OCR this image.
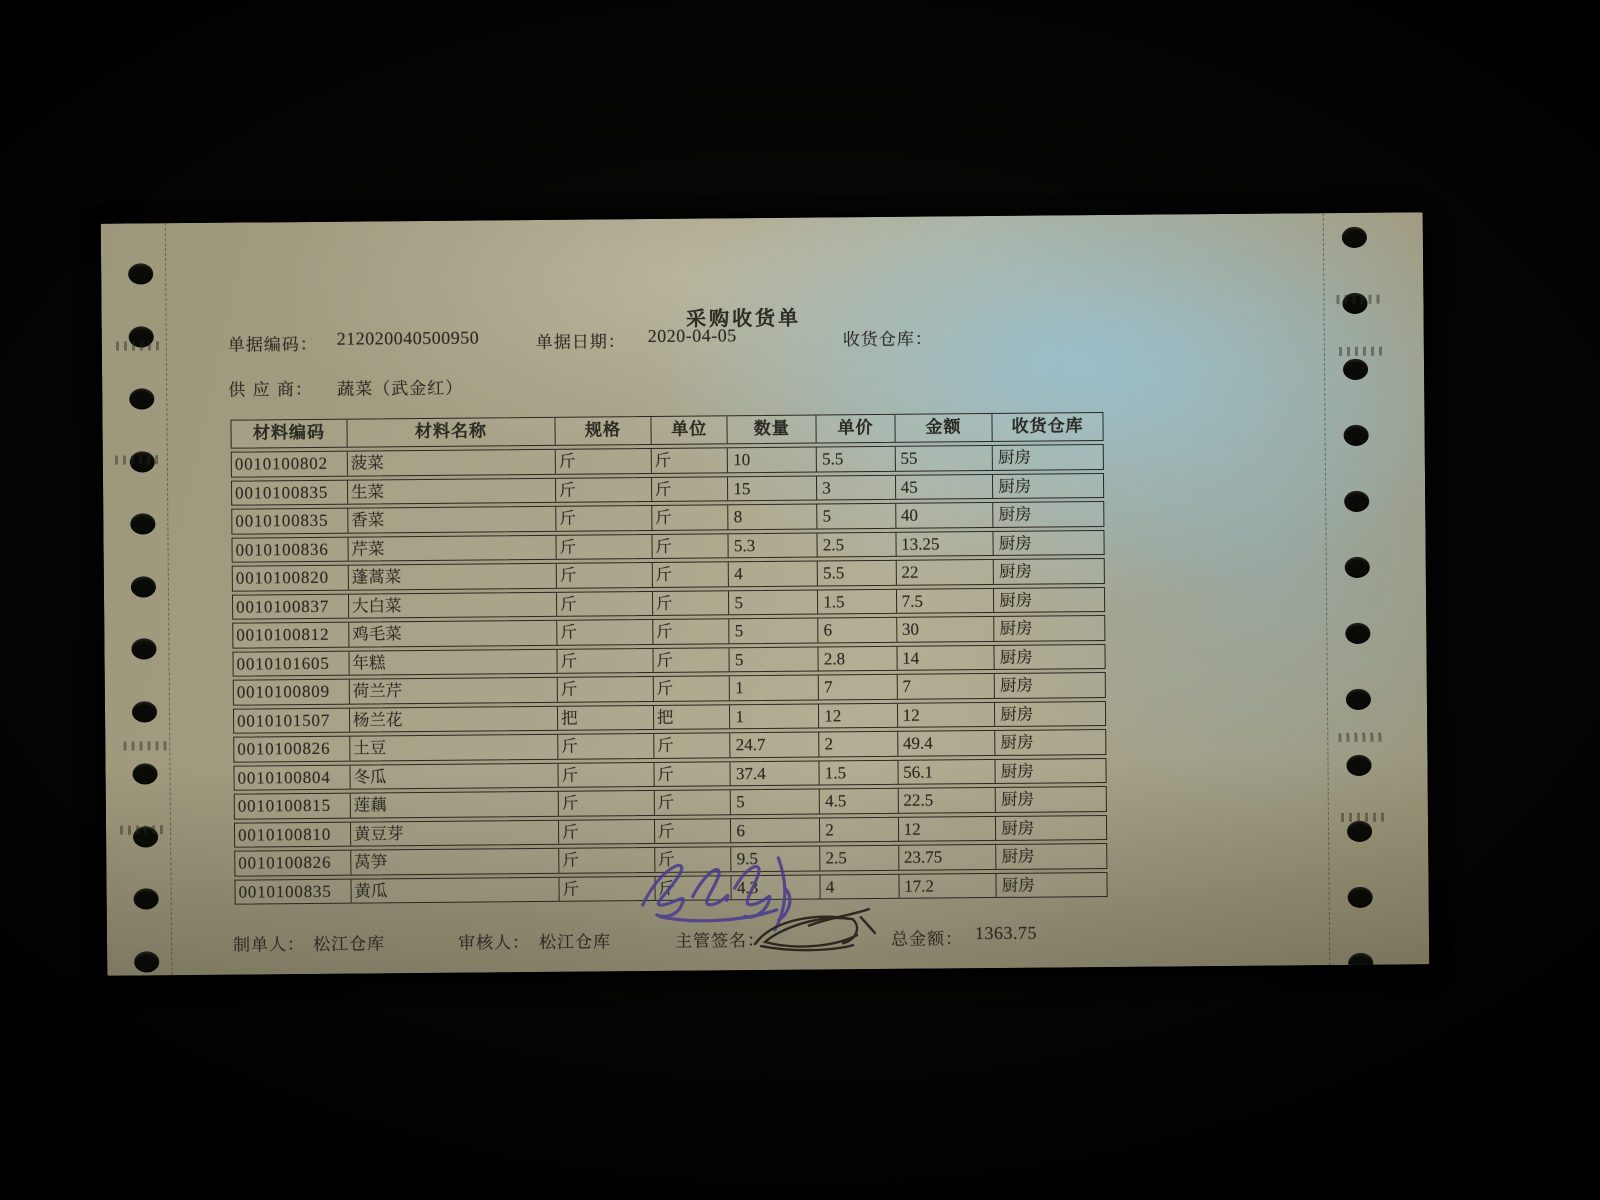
采购收货单
单据编码： 212020040500950	单据日期： 2020-04-05	收货仓库：
供 应 商： 蔬菜（武金红）
材料编码	材料名称	规格	单位	数量	单价	金额	收货仓库
0010100802	菠菜	斤	斤	10	5.5	55	厨房
0010100835	生菜	斤	斤	15	3	45	厨房
0010100835	香菜	斤	斤	8	5	40	厨房
0010100836	芹菜	斤	斤	5.3	2.5	13.25	厨房
0010100820	蓬蒿菜	斤	斤	4	5.5	22	厨房
0010100837	大白菜	斤	斤	5	1.5	7.5	厨房
0010100812	鸡毛菜	斤	斤	5	6	30	厨房
0010101605	年糕	斤	斤	5	2.8	14	厨房
0010100809	荷兰芹	斤	斤	1	7	7	厨房
0010101507	杨兰花	把	把	1	12	12	厨房
0010100826	土豆	斤	斤	24.7	2	49.4	厨房
0010100804	冬瓜	斤	斤	37.4	1.5	56.1	厨房
0010100815	莲藕	斤	斤	5	4.5	22.5	厨房
0010100810	黄豆芽	斤	斤	6	2	12	厨房
0010100826	莴笋	斤	斤	9.5	2.5	23.75	厨房
0010100835	黄瓜	斤	斤	4.3	4	17.2	厨房
制单人： 松江仓库	审核人： 松江仓库	主管签名：	总金额： 1363.75
